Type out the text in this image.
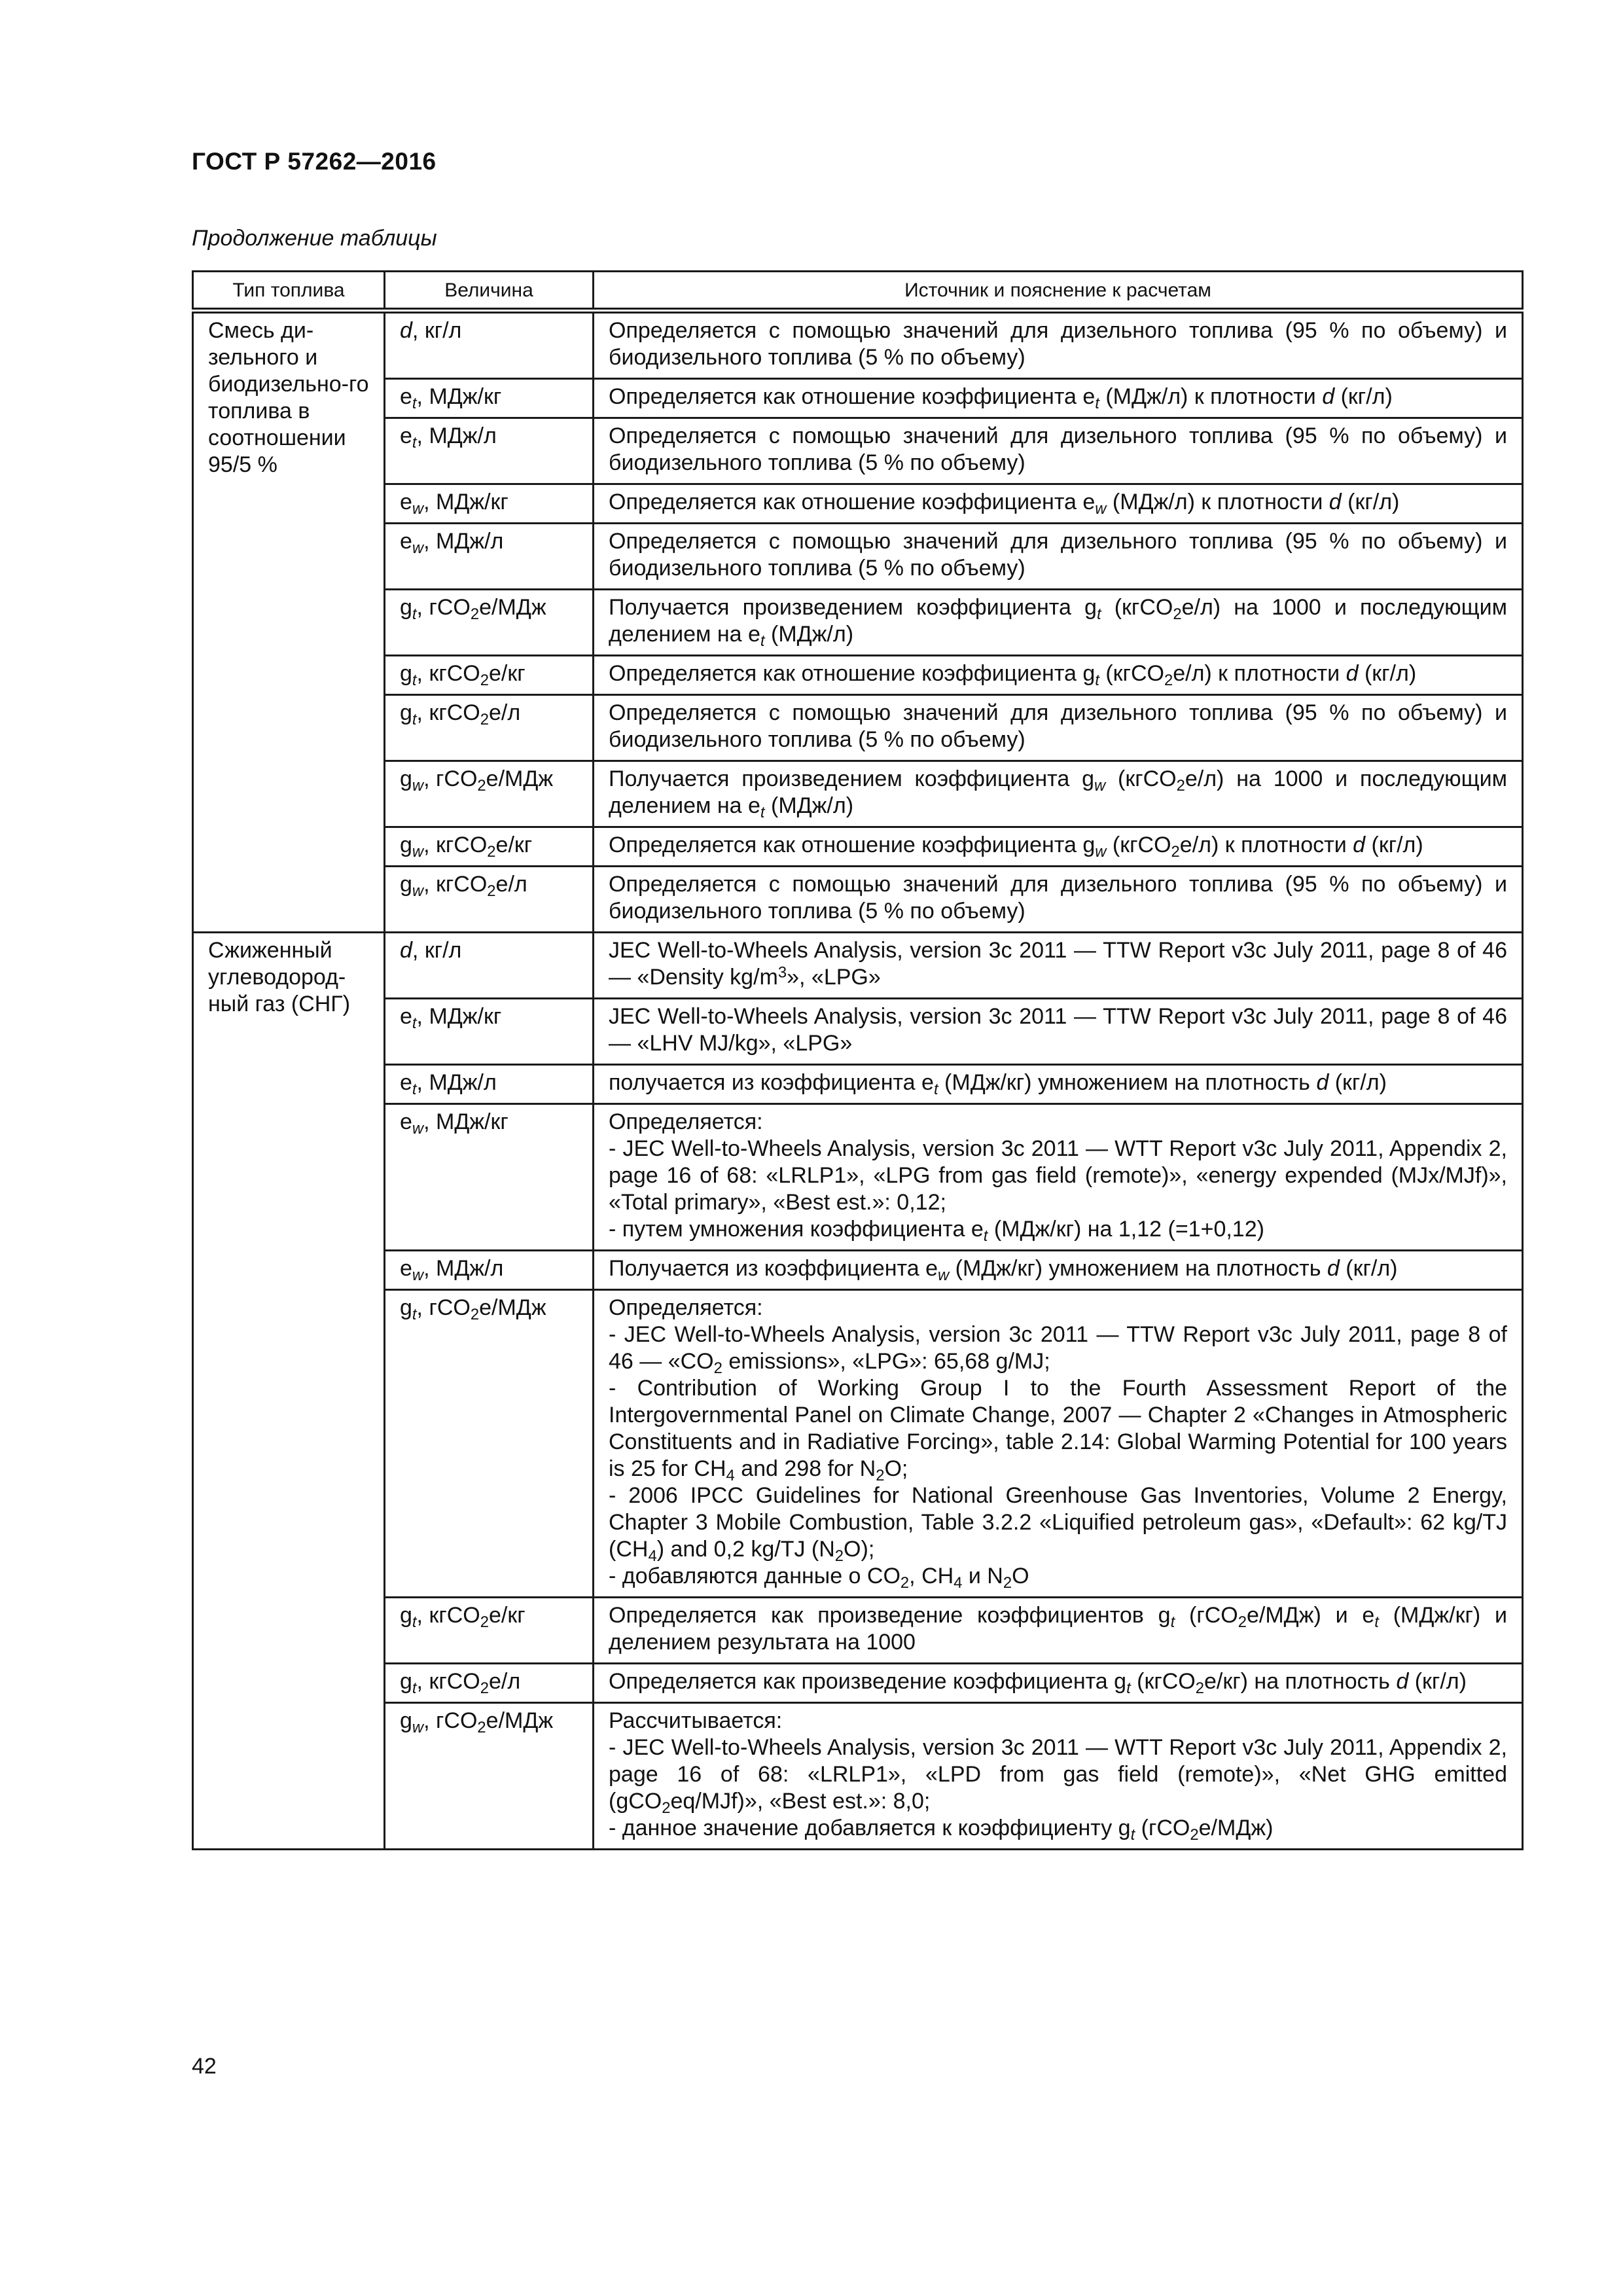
ГОСТ Р 57262—2016
Продолжение таблицы
Тип топлива	Величина	Источник и пояснение к расчетам
Смесь ди-зельного и биодизельно-го топлива в соотношении 95/5 %	d, кг/л	Определяется с помощью значений для дизельного топлива (95 % по объему) и биодизельного топлива (5 % по объему)
	$e_t$, МДж/кг	Определяется как отношение коэффициента $e_t$ (МДж/л) к плотности d (кг/л)
	$e_t$, МДж/л	Определяется с помощью значений для дизельного топлива (95 % по объему) и биодизельного топлива (5 % по объему)
	$e_w$, МДж/кг	Определяется как отношение коэффициента $e_w$ (МДж/л) к плотности d (кг/л)
	$e_w$, МДж/л	Определяется с помощью значений для дизельного топлива (95 % по объему) и биодизельного топлива (5 % по объему)
	$g_t$, гCO$_2$е/МДж	Получается произведением коэффициента $g_t$ (кгCO$_2$е/л) на 1000 и последующим делением на $e_t$ (МДж/л)
	$g_t$, кгCO$_2$е/кг	Определяется как отношение коэффициента $g_t$ (кгCO$_2$е/л) к плотности d (кг/л)
	$g_t$, кгCO$_2$е/л	Определяется с помощью значений для дизельного топлива (95 % по объему) и биодизельного топлива (5 % по объему)
	$g_w$, гCO$_2$е/МДж	Получается произведением коэффициента $g_w$ (кгCO$_2$е/л) на 1000 и последующим делением на $e_t$ (МДж/л)
	$g_w$, кгCO$_2$е/кг	Определяется как отношение коэффициента $g_w$ (кгCO$_2$е/л) к плотности d (кг/л)
	$g_w$, кгCO$_2$е/л	Определяется с помощью значений для дизельного топлива (95 % по объему) и биодизельного топлива (5 % по объему)
Сжиженный углеводород-ный газ (СНГ)	d, кг/л	JEC Well-to-Wheels Analysis, version 3c 2011 — TTW Report v3c July 2011, page 8 of 46 — «Density $kg/m^3$», «LPG»
	$e_t$, МДж/кг	JEC Well-to-Wheels Analysis, version 3c 2011 — TTW Report v3c July 2011, page 8 of 46 — «LHV MJ/kg», «LPG»
	$e_t$, МДж/л	получается из коэффициента $e_t$ (МДж/кг) умножением на плотность d (кг/л)
	$e_w$, МДж/кг	Определяется:
- JEC Well-to-Wheels Analysis, version 3c 2011 — WTT Report v3c July 2011, Appendix 2, page 16 of 68: «LRLP1», «LPG from gas field (remote)», «energy expended (MJx/MJf)», «Total primary», «Best est.»: 0,12;
- путем умножения коэффициента $e_t$ (МДж/кг) на 1,12 (=1+0,12)

	$e_w$, МДж/л	Получается из коэффициента $e_w$ (МДж/кг) умножением на плотность d (кг/л)
	$g_t$, гCO$_2$е/МДж	Определяется:
- JEC Well-to-Wheels Analysis, version 3c 2011 — TTW Report v3c July 2011, page 8 of 46 — «$CO_2$ emissions», «LPG»: 65,68 g/MJ;
- Contribution of Working Group I to the Fourth Assessment Report of the Intergovernmental Panel on Climate Change, 2007 — Chapter 2 «Changes in Atmospheric Constituents and in Radiative Forcing», table 2.14: Global Warming Potential for 100 years is 25 for $CH_4$ and 298 for $N_2O$;
- 2006 IPCC Guidelines for National Greenhouse Gas Inventories, Volume 2 Energy, Chapter 3 Mobile Combustion, Table 3.2.2 «Liquified petroleum gas», «Default»: 62 kg/TJ $(CH_4)$ and 0,2 kg/TJ $(N_2O)$;
- добавляются данные о $CO_2$, $CH_4$ и $N_2O$

	$g_t$, кгCO$_2$е/кг	Определяется как произведение коэффициентов $g_t$ (гCO$_2$е/МДж) и $e_t$ (МДж/кг) и делением результата на 1000
	$g_t$, кгCO$_2$е/л	Определяется как произведение коэффициента $g_t$ (кгCO$_2$е/кг) на плотность d (кг/л)
	$g_w$, гCO$_2$е/МДж	Рассчитывается:
- JEC Well-to-Wheels Analysis, version 3c 2011 — WTT Report v3c July 2011, Appendix 2, page 16 of 68: «LRLP1», «LPD from gas field (remote)», «Net GHG emitted (gCO$_2$eq/MJf)», «Best est.»: 8,0;
- данное значение добавляется к коэффициенту $g_t$ (гCO$_2$е/МДж)
42
